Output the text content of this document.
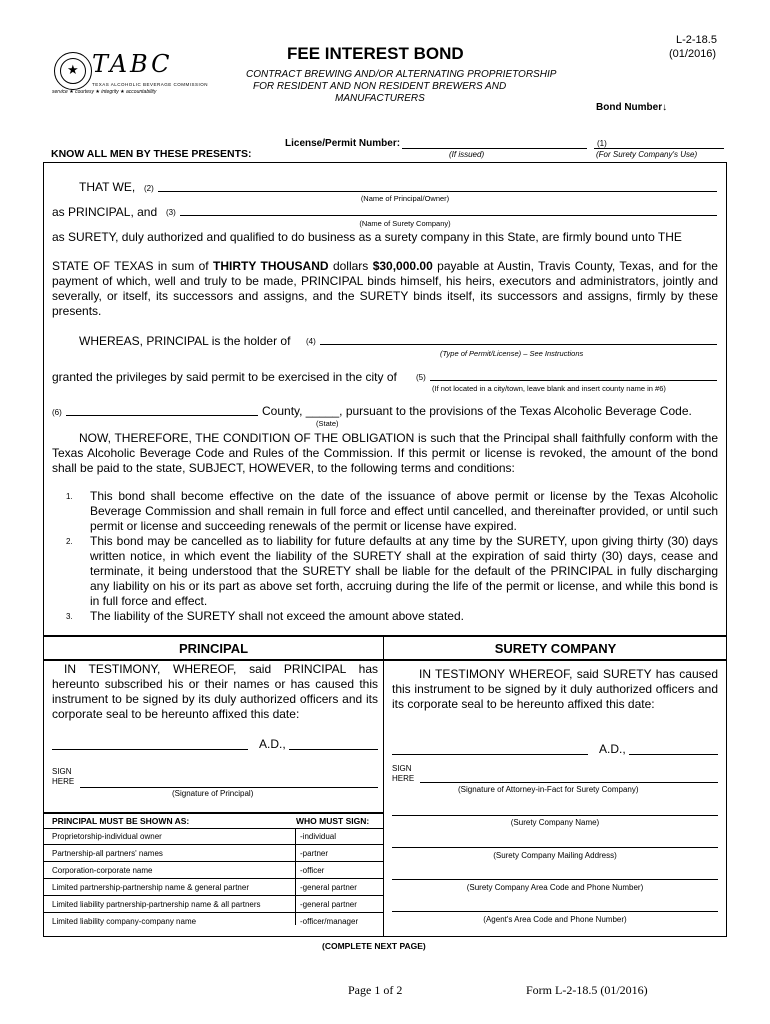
L-2-18.5
(01/2016)
★ TABC
TEXAS ALCOHOLIC BEVERAGE COMMISSION
service ★ courtesy ★ integrity ★ accountability
FEE INTEREST BOND
CONTRACT BREWING AND/OR ALTERNATING PROPRIETORSHIP
FOR RESIDENT AND NON RESIDENT BREWERS AND
MANUFACTURERS
Bond Number↓
License/Permit Number:
(If issued)
(1)
(For Surety Company's Use)
KNOW ALL MEN BY THESE PRESENTS:
THAT WE, (2)
(Name of Principal/Owner)
as PRINCIPAL, and (3)
(Name of Surety Company)
as SURETY, duly authorized and qualified to do business as a surety company in this State, are firmly bound unto THE
STATE OF TEXAS in sum of THIRTY THOUSAND dollars $30,000.00 payable at Austin, Travis County, Texas, and for the payment of which, well and truly to be made, PRINCIPAL binds himself, his heirs, executors and administrators, jointly and severally, or itself, its successors and assigns, and the SURETY binds itself, its successors and assigns, firmly by these presents.
WHEREAS, PRINCIPAL is the holder of (4)
(Type of Permit/License) – See Instructions
granted the privileges by said permit to be exercised in the city of (5)
(If not located in a city/town, leave blank and insert county name in #6)
(6)	County, _____, pursuant to the provisions of the Texas Alcoholic Beverage Code.
(State)
NOW, THEREFORE, THE CONDITION OF THE OBLIGATION is such that the Principal shall faithfully conform with the Texas Alcoholic Beverage Code and Rules of the Commission. If this permit or license is revoked, the amount of the bond shall be paid to the state, SUBJECT, HOWEVER, to the following terms and conditions:
1. This bond shall become effective on the date of the issuance of above permit or license by the Texas Alcoholic Beverage Commission and shall remain in full force and effect until cancelled, and thereinafter provided, or until such permit or license and succeeding renewals of the permit or license have expired.
2. This bond may be cancelled as to liability for future defaults at any time by the SURETY, upon giving thirty (30) days written notice, in which event the liability of the SURETY shall at the expiration of said thirty (30) days, cease and terminate, it being understood that the SURETY shall be liable for the default of the PRINCIPAL in fully discharging any liability on his or its part as above set forth, accruing during the life of the permit or license, and while this bond is in full force and effect.
3. The liability of the SURETY shall not exceed the amount above stated.
PRINCIPAL
IN TESTIMONY, WHEREOF, said PRINCIPAL has hereunto subscribed his or their names or has caused this instrument to be signed by its duly authorized officers and its corporate seal to be hereunto affixed this date:
A.D.,
SIGN
HERE
(Signature of Principal)
PRINCIPAL MUST BE SHOWN AS:	WHO MUST SIGN:
Proprietorship-individual owner	-individual
Partnership-all partners' names	-partner
Corporation-corporate name	-officer
Limited partnership-partnership name & general partner	-general partner
Limited liability partnership-partnership name & all partners	-general partner
Limited liability company-company name	-officer/manager
SURETY COMPANY
IN TESTIMONY WHEREOF, said SURETY has caused this instrument to be signed by it duly authorized officers and its corporate seal to be hereunto affixed this date:
A.D.,
SIGN
HERE
(Signature of Attorney-in-Fact for Surety Company)
(Surety Company Name)
(Surety Company Mailing Address)
(Surety Company Area Code and Phone Number)
(Agent's Area Code and Phone Number)
(COMPLETE NEXT PAGE)
Page 1 of 2	Form L-2-18.5 (01/2016)
